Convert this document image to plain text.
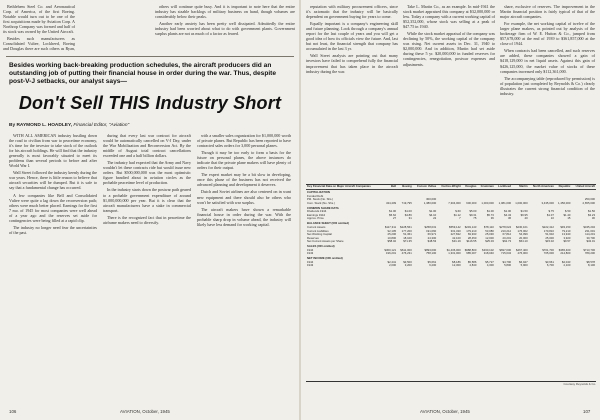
Bethlehem Steel Co. and Aeronautical Corp. of America, of the first Boeing. Notable would turn out to be one of the first acquisitions made by Aviation Corp. A Northrop Company was formed and half of its stock was owned by the United Aircraft.

Besides such manufacturers as Consolidated Vultee, Lockheed, Boeing and Douglas there are such others as Ryan,

others will continue quite busy. And it is important to note here that the entire industry has sizable backlogs of military business on hand, though volumes are considerably below their peaks.

Another early anxiety has been pretty well dissipated. Admittedly the entire industry had been worried about what to do with government plants. Government surplus plants are not as much of a factor as feared.

Besides working back-breaking production schedules, the aircraft producers did an outstanding job of putting their financial house in order during the war. Thus, despite post-V-J setbacks, our analyst says—
Don't Sell THIS Industry Short
By RAYMOND L. HOADLEY, Financial Editor, "Aviation"

WITH ALL AMERICAN industry bustling down the road to civilian from war to peacetime economy, it's time for the investor to take stock of the outlook for his aircraft holdings. He will find that the industry generally is most favorably situated to meet its problems than several periods to before and after World War I.

Wall Street followed the industry keenly during the war years. Hence, there is little reason to believe that aircraft securities will be dumped. But it is safe to say that a fundamental change has occurred.

A few companies like Bell and Consolidated Vultee were quite a lag down the reconversion path; others were much better placed. Earnings for the first 7 mo. of 1945 for most companies were well ahead of a year ago and the reserves set aside for contingencies were being filled at a rapid clip.

The industry no longer need fear the uncertainties of the past.

during that every last war contract for aircraft would be automatically cancelled on V-J Day, under the War Mobilization and Reconversion Act. By the middle of August total contract cancellations exceeded one and a half billion dollars.

The industry had expected that the Army and Navy wouldn't let these contracts ride but would issue new orders. But $500,000,000 was the most optimistic figure bandied about in aviation circles as the probable peacetime level of production.

In the industry starts down the postwar path geared to a probable government expenditure of around $1,000,000,000 per year. But it is clear that the aircraft manufacturers have a stake in commercial transport.

There is the recognized fact that in peacetime the airframe makers need to diversify.

with a smaller sales organization for $1,000,000 worth of private planes. But Republic has been reported to have contracted sales orders for 3,000 personal planes.

Though it may be too early to form a basis for the future on personal planes, the above instances do indicate that the private plane makers will have plenty of orders for their output.

The expert market may be a bit slow in developing, once this phase of the business has not received the advanced planning and development it deserves.

Dutch and Soviet airlines are also centered on in want new equipment and there should also be others who won't be satisfied with war surplus.

The aircraft makers have shown a remarkable financial house in order during the war. With the probable sharp drop in volume ahead, the industry will likely have less demand for working capital.

106	AVIATION, October, 1945

reputation with military procurement officers, since it's axiomatic that the industry will be basically dependent on government buying for years to come.

Equally important is a company's engineering skill and future planning. Look through a company's annual report for the last couple of years and you will get a good idea of how its officials view the future. And, last but not least, the financial strength that company has accumulated in the last 3 yr.

Wall Street analysts are pointing out that many investors have failed to comprehend fully the financial improvement that has taken place in the aircraft industry during the war.

Take L. Martin Co., as an example. In mid-1941 the stock market appraised this company at $32,000,000 or less. Today a company with a current working capital of $52,352,000, whose stock was selling at a peak of $47.75 in 1940.

While the stock market appraisal of the company was declining by 50%, the working capital of the company was rising. Net current assets in Dec. 31, 1940 to $2,000,000. And in addition, Martin had set aside during these 5 yr. $20,000,000 in funded reserves for contingencies, renegotiation, postwar expenses and adjustments.

share, exclusive of reserves. The improvement in the Martin financial position is fairly typical of that of the major aircraft companies.

For example, the net working capital of twelve of the larger plane makers, as pointed out by analysts of the brokerage firm of W. E. Hutton & Co., jumped from $57,678,000 at the end of 1939 to $361,857,000 at the close of 1944.

When contracts had been cancelled, and such reserves are added, these companies showed a gain of $418,129,000 in net liquid assets. Against this gain of $426,125,000, the market value of stocks of these companies increased only $112,361,000.

The accompanying table (reproduced by permission) is of population just completed by Reynolds & Co.) clearly illustrates the current strong financial condition of the industry.

Key Financial Data on Major Aircraft Companies	Bell	Boeing	Consol. Vultee	Curtiss-Wright	Douglas	Grumman	Lockheed	Martin	North American	Republic	United Aircraft
CAPITALIZATION											
Funded Debt											
Pfd. Stock (No. Shs.)			300,000								250,000
Com. Stock (No. Shs.)	434,409	719,795	1,380,000	7,304,000	600,000	1,000,000	1,081,000	1,000,000	3,435,000	1,456,000	2,655,000
COMMON SHARE DATA											
Dividends 1944	$1.00	$1.00	$1.00	$.60	$5.00	$1.00	$1.00	$1.50	$.75	$.50	$1.50
Earnings 1944	$5.62	$4.86	$4.10	$1.12	$9.31	$5.73	$4.43	$6.95	$1.07	$1.40	$3.23
Approx. Price	27	31	22	7	75	36	36	40	10	15	30
BALANCE SHEET (000 omitted)											
Current Assets	$117,311	$228,561	$258,031	$559,142	$249,143	$78,110	$278,024	$230,101	$222,412	$93,150	$345,202
Current Liabilities	92,105	177,200	191,060	331,320	179,210	53,080	210,212	176,002	170,810	79,210	231,001
Net Working Capital	25,206	51,361	66,971	227,822	69,933	25,030	67,812	54,099	51,602	13,940	114,201
Reserves	10,800	18,100	24,300	42,100	28,450	12,000	20,201	20,000	25,000	3,920	30,700
Net Current Assets per Share	$58.02	$71.35	$48.53	$31.19	$116.55	$25.03	$62.73	$54.10	$15.02	$9.57	$43.01
SALES (000 omitted)											
1944	$300,121	$611,000	$893,000	$1,436,000	$988,800	$330,102	$697,000	$467,400	$701,700	$365,400	$713,700
1943	196,201	476,231	758,100	1,331,000	985,007	318,040	715,034	476,000	705,000	214,800	789,200
NET INCOME (000 omitted)											
1944	$2,441	$3,500	$5,661	$8,186	$5,586	$5,727	$4,790	$6,947	$3,661	$2,043	$8,578
1943	2,000	3,200	6,200	12,300	4,840	4,300	5,800	5,900	6,700	2,100	8,100
Courtesy Reynolds & Co.
AVIATION, October, 1945	107
